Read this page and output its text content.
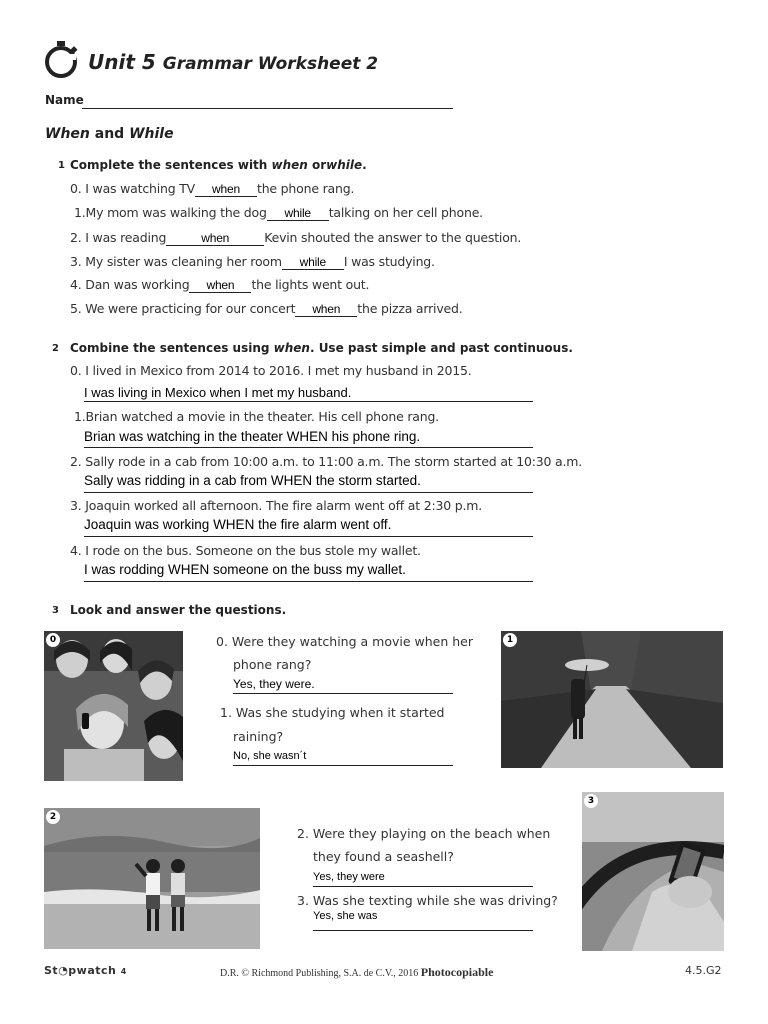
Unit 5 Grammar Worksheet 2
Name
When and While
1 Complete the sentences with when orwhile.
0. I was watching TV when the phone rang.
1.My mom was walking the dog while talking on her cell phone.
2. I was reading	when	Kevin shouted the answer to the question.
3. My sister was cleaning her room while I was studying.
4. Dan was working when the lights went out.
5. We were practicing for our concert when the pizza arrived.
2 Combine the sentences using when. Use past simple and past continuous.
0. I lived in Mexico from 2014 to 2016. I met my husband in 2015.
I was living in Mexico when I met my husband.
1.Brian watched a movie in the theater. His cell phone rang.
Brian was watching in the theater WHEN his phone ring.
2. Sally rode in a cab from 10:00 a.m. to 11:00 a.m. The storm started at 10:30 a.m.
Sally was ridding in a cab from WHEN the storm started.
3. Joaquin worked all afternoon. The fire alarm went off at 2:30 p.m.
Joaquin was working WHEN the fire alarm went off.
4. I rode on the bus. Someone on the bus stole my wallet.
I was rodding WHEN someone on the buss my wallet.
3 Look and answer the questions.
0	0. Were they watching a movie when her
phone rang?
Yes, they were.
1. Was she studying when it started
raining?
No, she wasn´t
1
2
2. Were they playing on the beach when
they found a seashell?
Yes, they were
3. Was she texting while she was driving?
Yes, she was
3
St◔pwatch 4	D.R. © Richmond Publishing, S.A. de C.V., 2016 Photocopiable	4.5.G2
